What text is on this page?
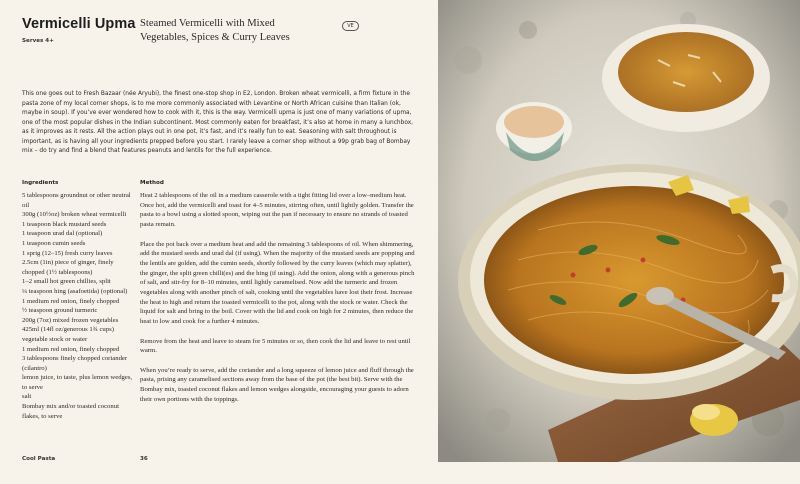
Vermicelli Upma
Serves 4+
Steamed Vermicelli with Mixed
Vegetables, Spices & Curry Leaves
VE

This one goes out to Fresh Bazaar (née Aryubi), the finest one-stop shop in E2, London. Broken wheat vermicelli, a firm fixture in the pasta zone of my local corner shops, is to me more commonly associated with Levantine or North African cuisine than Italian (ok, maybe in soup). If you’ve ever wondered how to cook with it, this is the way. Vermicelli upma is just one of many variations of upma, one of the most popular dishes in the Indian subcontinent. Most commonly eaten for breakfast, it’s also at home in many a lunchbox, as it improves as it rests. All the action plays out in one pot, it’s fast, and it’s really fun to eat. Seasoning with salt throughout is important, as is having all your ingredients prepped before you start. I rarely leave a corner shop without a 99p grab bag of Bombay mix – do try and find a blend that features peanuts and lentils for the full experience.

Ingredients	Method
5 tablespoons groundnut or other neutral oil
300g (10½oz) broken wheat vermicelli
1 teaspoon black mustard seeds
1 teaspoon urad dal (optional)
1 teaspoon cumin seeds
1 sprig (12–15) fresh curry leaves
2.5cm (1in) piece of ginger, finely chopped (1½ tablespoons)
1–2 small hot green chillies, split
¼ teaspoon hing (asafoetida) (optional)
1 medium red onion, finely chopped
½ teaspoon ground turmeric
200g (7oz) mixed frozen vegetables
425ml (14fl oz/generous 1¾ cups) vegetable stock or water
1 medium red onion, finely chopped
3 tablespoons finely chopped coriander (cilantro)
lemon juice, to taste, plus lemon wedges, to serve
salt
Bombay mix and/or toasted coconut flakes, to serve

Heat 2 tablespoons of the oil in a medium casserole with a tight fitting lid over a low–medium heat. Once hot, add the vermicelli and toast for 4–5 minutes, stirring often, until lightly golden. Transfer the pasta to a bowl using a slotted spoon, wiping out the pan if necessary to ensure no strands of toasted pasta remain.

Place the pot back over a medium heat and add the remaining 3 tablespoons of oil. When shimmering, add the mustard seeds and urad dal (if using). When the majority of the mustard seeds are popping and the lentils are golden, add the cumin seeds, shortly followed by the curry leaves (which may splatter), the ginger, the split green chilli(es) and the hing (if using). Add the onion, along with a generous pinch of salt, and stir-fry for 8–10 minutes, until lightly caramelised. Now add the turmeric and frozen vegetables along with another pinch of salt, cooking until the vegetables have lost their frost. Increase the heat to high and return the toasted vermicelli to the pot, along with the stock or water. Check the liquid for salt and bring to the boil. Cover with the lid and cook on high for 2 minutes, then reduce the heat to low and cook for a further 4 minutes.

Remove from the heat and leave to steam for 5 minutes or so, then cook the lid and leave to rest until warm.

When you’re ready to serve, add the coriander and a long squeeze of lemon juice and fluff through the pasta, prising any caramelised sections away from the base of the pot (the best bit). Serve with the Bombay mix, toasted coconut flakes and lemon wedges alongside, encouraging your guests to adorn their own portions with the toppings.

Cool Pasta	36
